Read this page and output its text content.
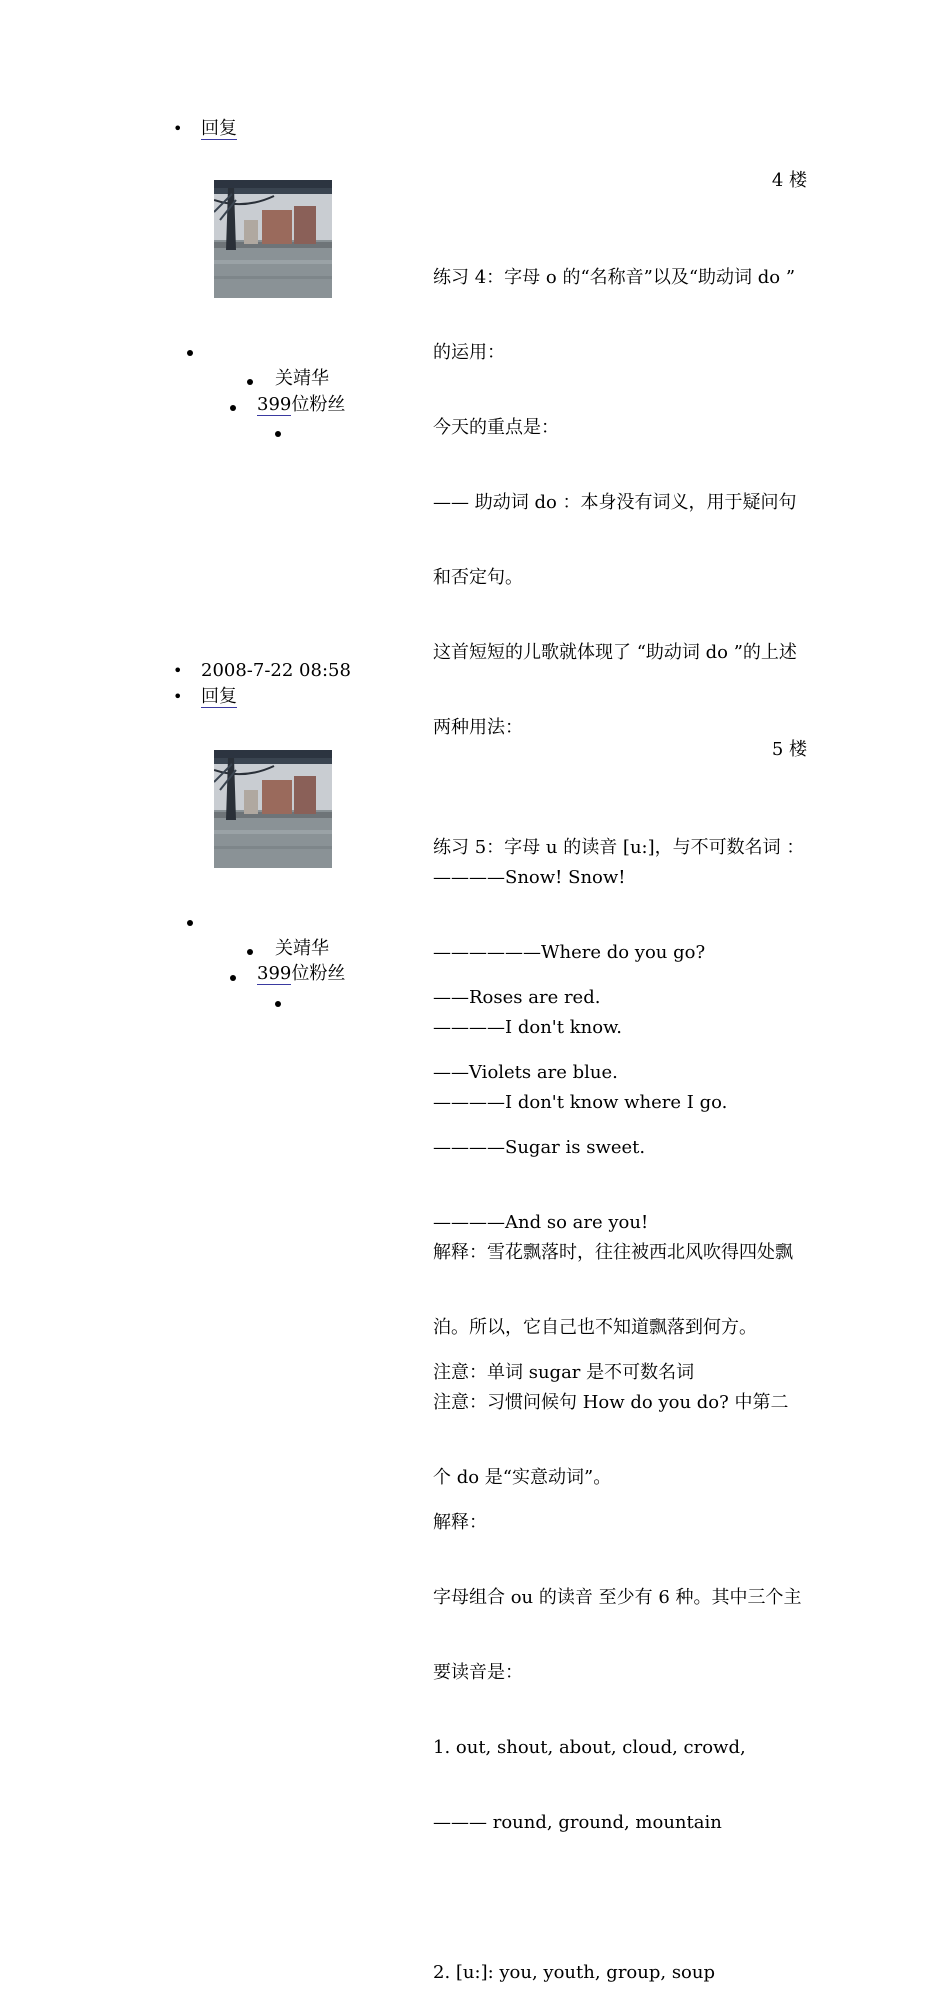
• 回复
4 楼
关靖华
399位粉丝

练习 4：字母 o 的“名称音”以及“助动词 do ”

的运用：

今天的重点是：

—— 助动词 do ：本身没有词义，用于疑问句

和否定句。

这首短短的儿歌就体现了 “助动词 do ”的上述

两种用法：

————Snow! Snow!

——————Where do you go?

————I don't know.

————I don't know where I go.

解释：雪花飘落时，往往被西北风吹得四处飘

泊。所以，它自己也不知道飘落到何方。

注意：习惯问候句 How do you do? 中第二

个 do 是“实意动词”。

• 2008-7-22 08:58
• 回复
5 楼
关靖华
399位粉丝

练习 5：字母 u 的读音 [u:]，与不可数名词 ：

——Roses are red.

——Violets are blue.

————Sugar is sweet.

————And so are you!

注意：单词 sugar 是不可数名词

解释：

字母组合 ou 的读音 至少有 6 种。其中三个主

要读音是：

1. out, shout, about, cloud, crowd,

——— round, ground, mountain

2. [u:]: you, youth, group, soup
